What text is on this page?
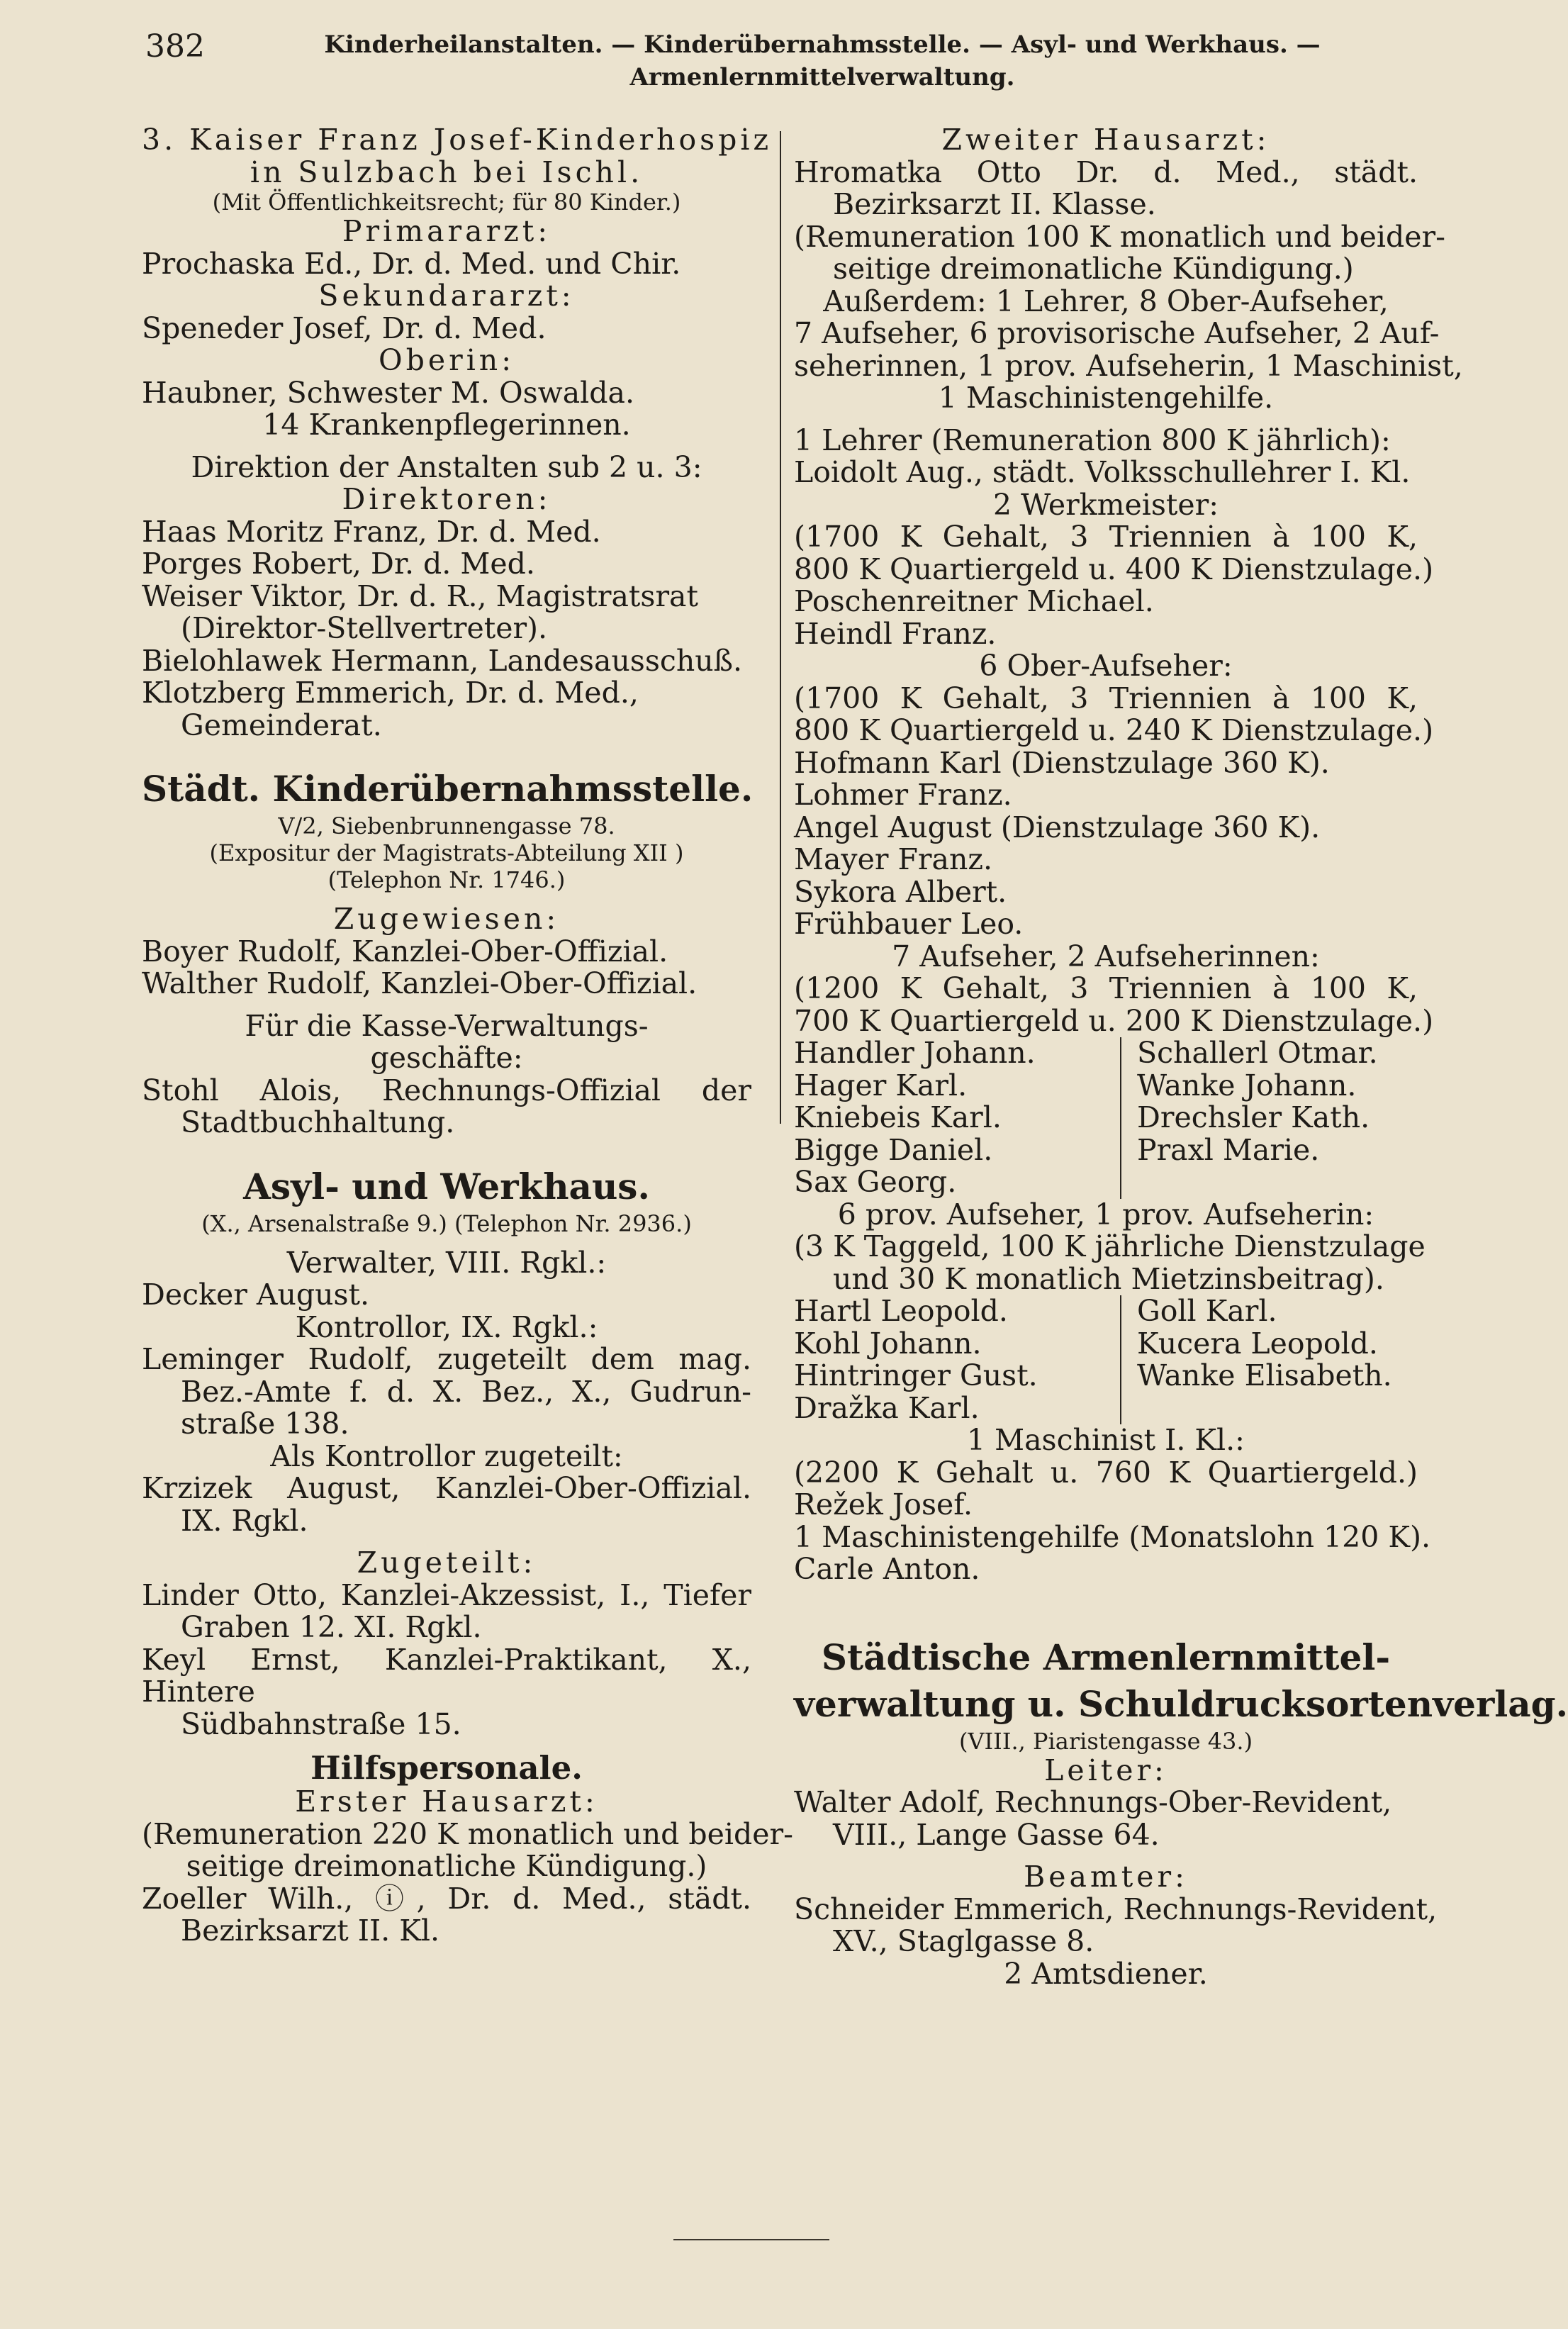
382	Kinderheilanstalten. — Kinderübernahmsstelle. — Asyl- und Werkhaus. —
Armenlernmittelverwaltung.
3. Kaiser Franz Josef-Kinderhospiz
in Sulzbach bei Ischl.
(Mit Öffentlichkeitsrecht; für 80 Kinder.)
Primararzt:
Prochaska Ed., Dr. d. Med. und Chir.
Sekundararzt:
Speneder Josef, Dr. d. Med.
Oberin:
Haubner, Schwester M. Oswalda.
14 Krankenpflegerinnen.
Direktion der Anstalten sub 2 u. 3:
Direktoren:
Haas Moritz Franz, Dr. d. Med.
Porges Robert, Dr. d. Med.
Weiser Viktor, Dr. d. R., Magistratsrat
(Direktor-Stellvertreter).
Bielohlawek Hermann, Landesausschuß.
Klotzberg Emmerich, Dr. d. Med.,
Gemeinderat.
Städt. Kinderübernahmsstelle.
V/2, Siebenbrunnengasse 78.
(Expositur der Magistrats-Abteilung XII )
(Telephon Nr. 1746.)
Zugewiesen:
Boyer Rudolf, Kanzlei-Ober-Offizial.
Walther Rudolf, Kanzlei-Ober-Offizial.
Für die Kasse-Verwaltungs-
geschäfte:
Stohl Alois, Rechnungs-Offizial der
Stadtbuchhaltung.
Asyl- und Werkhaus.
(X., Arsenalstraße 9.) (Telephon Nr. 2936.)
Verwalter, VIII. Rgkl.:
Decker August.
Kontrollor, IX. Rgkl.:
Leminger Rudolf, zugeteilt dem mag.
Bez.-Amte f. d. X. Bez., X., Gudrun-
straße 138.
Als Kontrollor zugeteilt:
Krzizek August, Kanzlei-Ober-Offizial.
IX. Rgkl.
Zugeteilt:
Linder Otto, Kanzlei-Akzessist, I., Tiefer
Graben 12. XI. Rgkl.
Keyl Ernst, Kanzlei-Praktikant, X., Hintere
Südbahnstraße 15.
Hilfspersonale.
Erster Hausarzt:
(Remuneration 220 K monatlich und beider-
seitige dreimonatliche Kündigung.)
Zoeller Wilh., ⓘ, Dr. d. Med., städt.
Bezirksarzt II. Kl.
Zweiter Hausarzt:
Hromatka Otto Dr. d. Med., städt.
Bezirksarzt II. Klasse.
(Remuneration 100 K monatlich und beider-
seitige dreimonatliche Kündigung.)
Außerdem: 1 Lehrer, 8 Ober-Aufseher,
7 Aufseher, 6 provisorische Aufseher, 2 Auf-
seherinnen, 1 prov. Aufseherin, 1 Maschinist,
1 Maschinistengehilfe.
1 Lehrer (Remuneration 800 K jährlich):
Loidolt Aug., städt. Volksschullehrer I. Kl.
2 Werkmeister:
(1700 K Gehalt, 3 Triennien à 100 K,
800 K Quartiergeld u. 400 K Dienstzulage.)
Poschenreitner Michael.
Heindl Franz.
6 Ober-Aufseher:
(1700 K Gehalt, 3 Triennien à 100 K,
800 K Quartiergeld u. 240 K Dienstzulage.)
Hofmann Karl (Dienstzulage 360 K).
Lohmer Franz.
Angel August (Dienstzulage 360 K).
Mayer Franz.
Sykora Albert.
Frühbauer Leo.
7 Aufseher, 2 Aufseherinnen:
(1200 K Gehalt, 3 Triennien à 100 K,
700 K Quartiergeld u. 200 K Dienstzulage.)
Handler Johann.
Hager Karl.
Kniebeis Karl.
Bigge Daniel.
Sax Georg.
Schallerl Otmar.
Wanke Johann.
Drechsler Kath.
Praxl Marie.
6 prov. Aufseher, 1 prov. Aufseherin:
(3 K Taggeld, 100 K jährliche Dienstzulage
und 30 K monatlich Mietzinsbeitrag).
Hartl Leopold.
Kohl Johann.
Hintringer Gust.
Dražka Karl.
Goll Karl.
Kucera Leopold.
Wanke Elisabeth.
1 Maschinist I. Kl.:
(2200 K Gehalt u. 760 K Quartiergeld.)
Režek Josef.
1 Maschinistengehilfe (Monatslohn 120 K).
Carle Anton.
Städtische Armenlernmittel-
verwaltung u. Schuldrucksortenverlag.
(VIII., Piaristengasse 43.)
Leiter:
Walter Adolf, Rechnungs-Ober-Revident,
VIII., Lange Gasse 64.
Beamter:
Schneider Emmerich, Rechnungs-Revident,
XV., Staglgasse 8.
2 Amtsdiener.
